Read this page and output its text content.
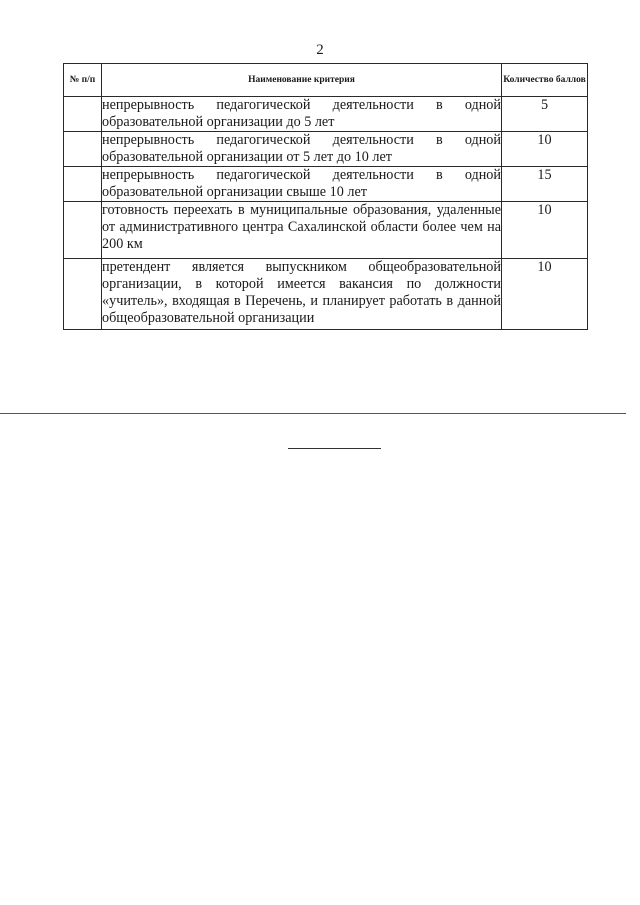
2
№ п/п	Наименование критерия	Количество баллов
	непрерывность педагогической деятельности в одной образовательной организации до 5 лет	5
	непрерывность педагогической деятельности в одной образовательной организации от 5 лет до 10 лет	10
	непрерывность педагогической деятельности в одной образовательной организации свыше 10 лет	15
	готовность переехать в муниципальные образования, удаленные от административного центра Сахалинской области более чем на 200 км	10
	претендент является выпускником общеобразовательной организации, в которой имеется вакансия по должности «учитель», входящая в Перечень, и планирует работать в данной общеобразовательной организации	10
